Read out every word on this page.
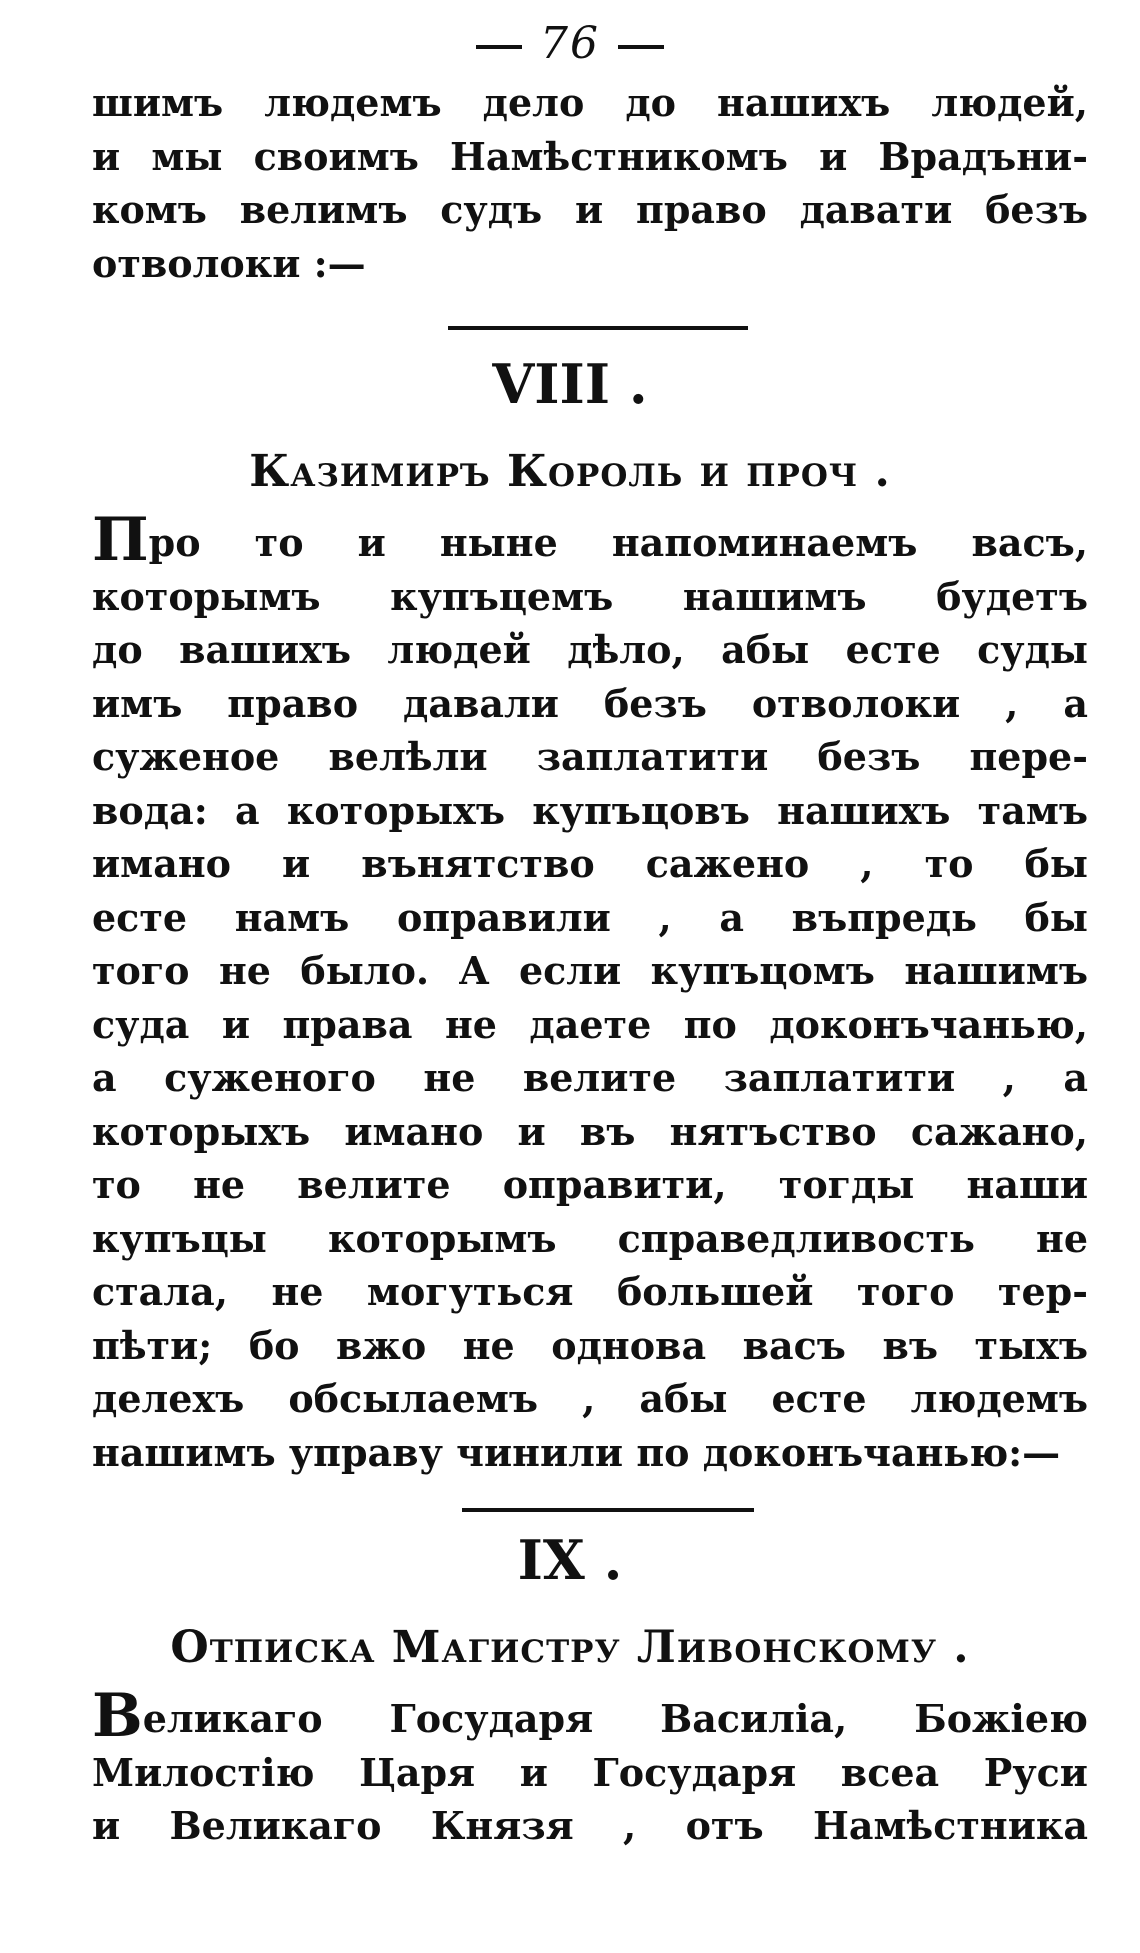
76
шимъ людемъ дело до нашихъ людей,
и мы своимъ Намѣстникомъ и Врадъни-
комъ велимъ судъ и право давати безъ
отволоки :—
VIII .
Казимиръ Король и проч .
Про то и ныне напоминаемъ васъ,
которымъ купъцемъ нашимъ будетъ
до вашихъ людей дѣло, абы есте суды
имъ право давали безъ отволоки , а
суженое велѣли заплатити безъ пере-
вода: а которыхъ купъцовъ нашихъ тамъ
имано и вънятство сажено , то бы
есте намъ оправили , а въпредь бы
того не было. А если купъцомъ нашимъ
суда и права не даете по доконъчанью,
а суженого не велите заплатити , а
которыхъ имано и въ нятъство сажано,
то не велите оправити, тогды наши
купъцы которымъ справедливость не
стала, не могуться большей того тер-
пѣти; бо вжо не однова васъ въ тыхъ
делехъ обсылаемъ , абы есте людемъ
нашимъ управу чинили по доконъчанью:—
IX .
Отписка Магистру Ливонскому .
Великаго Государя Василіа, Божіею
Милостію Царя и Государя всеа Руси
и Великаго Князя , отъ Намѣстника
